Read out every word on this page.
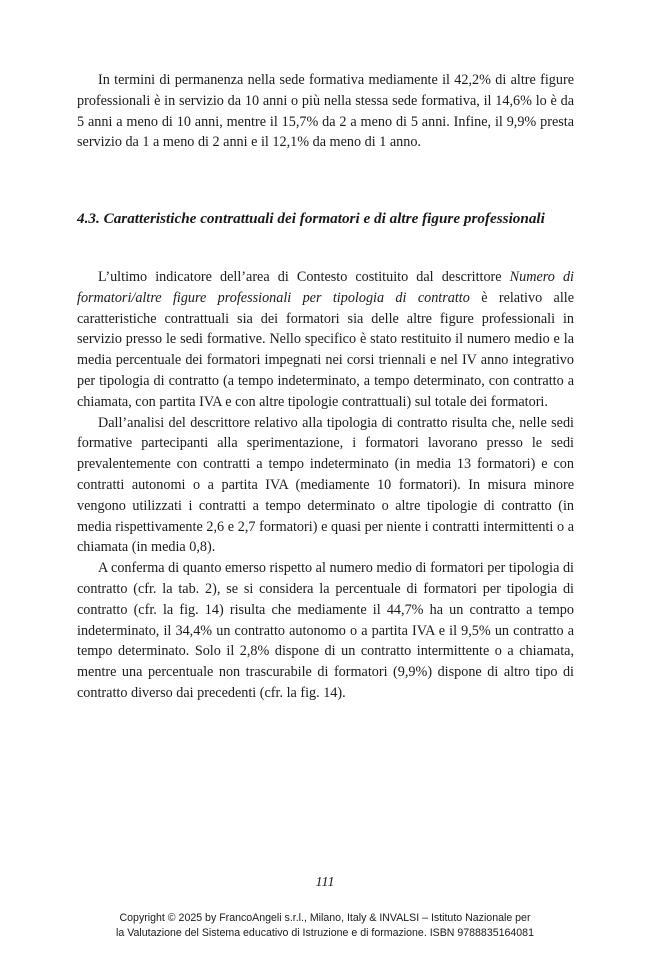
In termini di permanenza nella sede formativa mediamente il 42,2% di altre figure professionali è in servizio da 10 anni o più nella stessa sede formativa, il 14,6% lo è da 5 anni a meno di 10 anni, mentre il 15,7% da 2 a meno di 5 anni. Infine, il 9,9% presta servizio da 1 a meno di 2 anni e il 12,1% da meno di 1 anno.

4.3. Caratteristiche contrattuali dei formatori e di altre figure professionali

L’ultimo indicatore dell’area di Contesto costituito dal descrittore Numero di formatori/altre figure professionali per tipologia di contratto è relativo alle caratteristiche contrattuali sia dei formatori sia delle altre figure professionali in servizio presso le sedi formative. Nello specifico è stato restituito il numero medio e la media percentuale dei formatori impegnati nei corsi triennali e nel IV anno integrativo per tipologia di contratto (a tempo indeterminato, a tempo determinato, con contratto a chiamata, con partita IVA e con altre tipologie contrattuali) sul totale dei formatori.

Dall’analisi del descrittore relativo alla tipologia di contratto risulta che, nelle sedi formative partecipanti alla sperimentazione, i formatori lavorano presso le sedi prevalentemente con contratti a tempo indeterminato (in media 13 formatori) e con contratti autonomi o a partita IVA (mediamente 10 formatori). In misura minore vengono utilizzati i contratti a tempo determinato o altre tipologie di contratto (in media rispettivamente 2,6 e 2,7 formatori) e quasi per niente i contratti intermittenti o a chiamata (in media 0,8).

A conferma di quanto emerso rispetto al numero medio di formatori per tipologia di contratto (cfr. la tab. 2), se si considera la percentuale di formatori per tipologia di contratto (cfr. la fig. 14) risulta che mediamente il 44,7% ha un contratto a tempo indeterminato, il 34,4% un contratto autonomo o a partita IVA e il 9,5% un contratto a tempo determinato. Solo il 2,8% dispone di un contratto intermittente o a chiamata, mentre una percentuale non trascurabile di formatori (9,9%) dispone di altro tipo di contratto diverso dai precedenti (cfr. la fig. 14).

111
Copyright © 2025 by FrancoAngeli s.r.l., Milano, Italy & INVALSI – Istituto Nazionale per
la Valutazione del Sistema educativo di Istruzione e di formazione. ISBN 9788835164081
